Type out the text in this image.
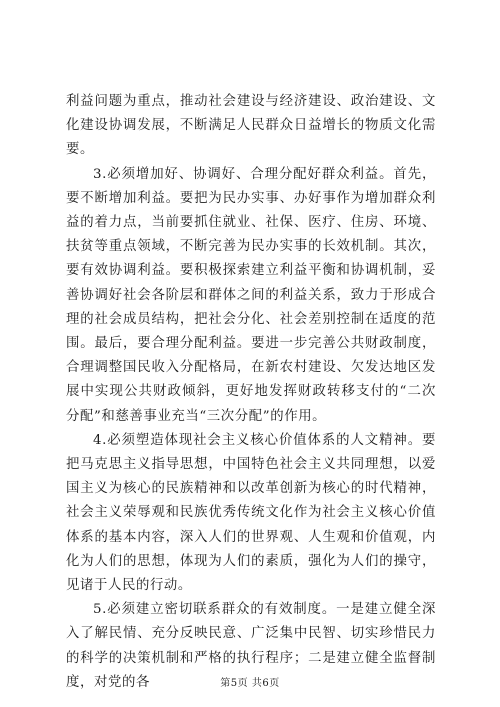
利益问题为重点，推动社会建设与经济建设、政治建设、文化建设协调发展，不断满足人民群众日益增长的物质文化需要。

3.必须增加好、协调好、合理分配好群众利益。首先，要不断增加利益。要把为民办实事、办好事作为增加群众利益的着力点，当前要抓住就业、社保、医疗、住房、环境、扶贫等重点领域，不断完善为民办实事的长效机制。其次，要有效协调利益。要积极探索建立利益平衡和协调机制，妥善协调好社会各阶层和群体之间的利益关系，致力于形成合理的社会成员结构，把社会分化、社会差别控制在适度的范围。最后，要合理分配利益。要进一步完善公共财政制度，合理调整国民收入分配格局，在新农村建设、欠发达地区发展中实现公共财政倾斜，更好地发挥财政转移支付的“二次分配”和慈善事业充当“三次分配”的作用。

4.必须塑造体现社会主义核心价值体系的人文精神。要把马克思主义指导思想，中国特色社会主义共同理想，以爱国主义为核心的民族精神和以改革创新为核心的时代精神，社会主义荣辱观和民族优秀传统文化作为社会主义核心价值体系的基本内容，深入人们的世界观、人生观和价值观，内化为人们的思想，体现为人们的素质，强化为人们的操守，见诸于人民的行动。

5.必须建立密切联系群众的有效制度。一是建立健全深入了解民情、充分反映民意、广泛集中民智、切实珍惜民力的科学的决策机制和严格的执行程序；二是建立健全监督制度，对党的各	第5页 共6页
